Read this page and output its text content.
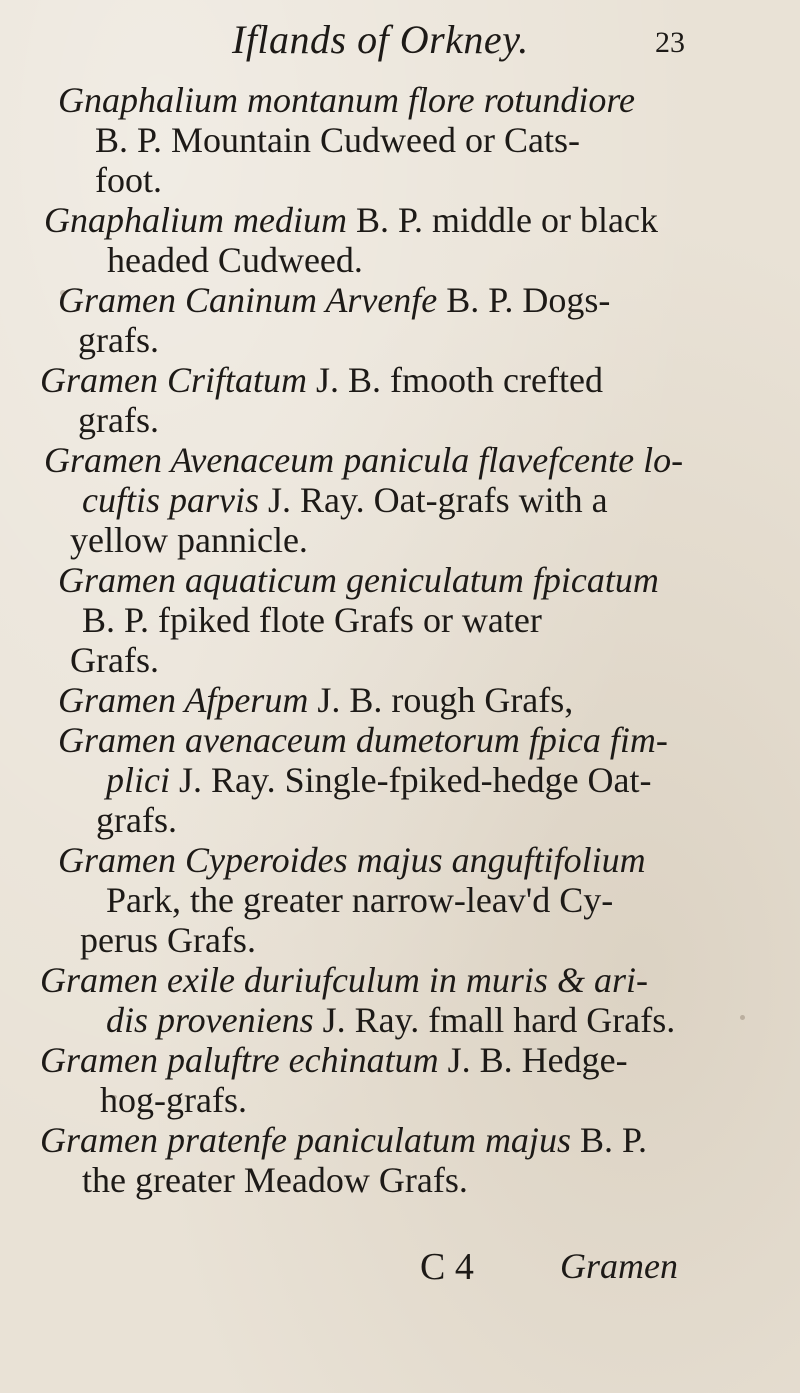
Iflands of Orkney.	23
Gnaphalium montanum flore rotundiore
B. P. Mountain Cudweed or Cats-
foot.
Gnaphalium medium B. P. middle or black
headed Cudweed.
Gramen Caninum Arvenfe B. P. Dogs-
grafs.
Gramen Criftatum J. B. fmooth crefted
grafs.
Gramen Avenaceum panicula flavefcente lo-
cuftis parvis J. Ray. Oat-grafs with a
yellow pannicle.
Gramen aquaticum geniculatum fpicatum
B. P. fpiked flote Grafs or water
Grafs.
Gramen Afperum J. B. rough Grafs,
Gramen avenaceum dumetorum fpica fim-
plici J. Ray. Single-fpiked-hedge Oat-
grafs.
Gramen Cyperoides majus anguftifolium
Park, the greater narrow-leav'd Cy-
perus Grafs.
Gramen exile duriufculum in muris & ari-
dis proveniens J. Ray. fmall hard Grafs.
Gramen paluftre echinatum J. B. Hedge-
hog-grafs.
Gramen pratenfe paniculatum majus B. P.
the greater Meadow Grafs.
C 4 Gramen
